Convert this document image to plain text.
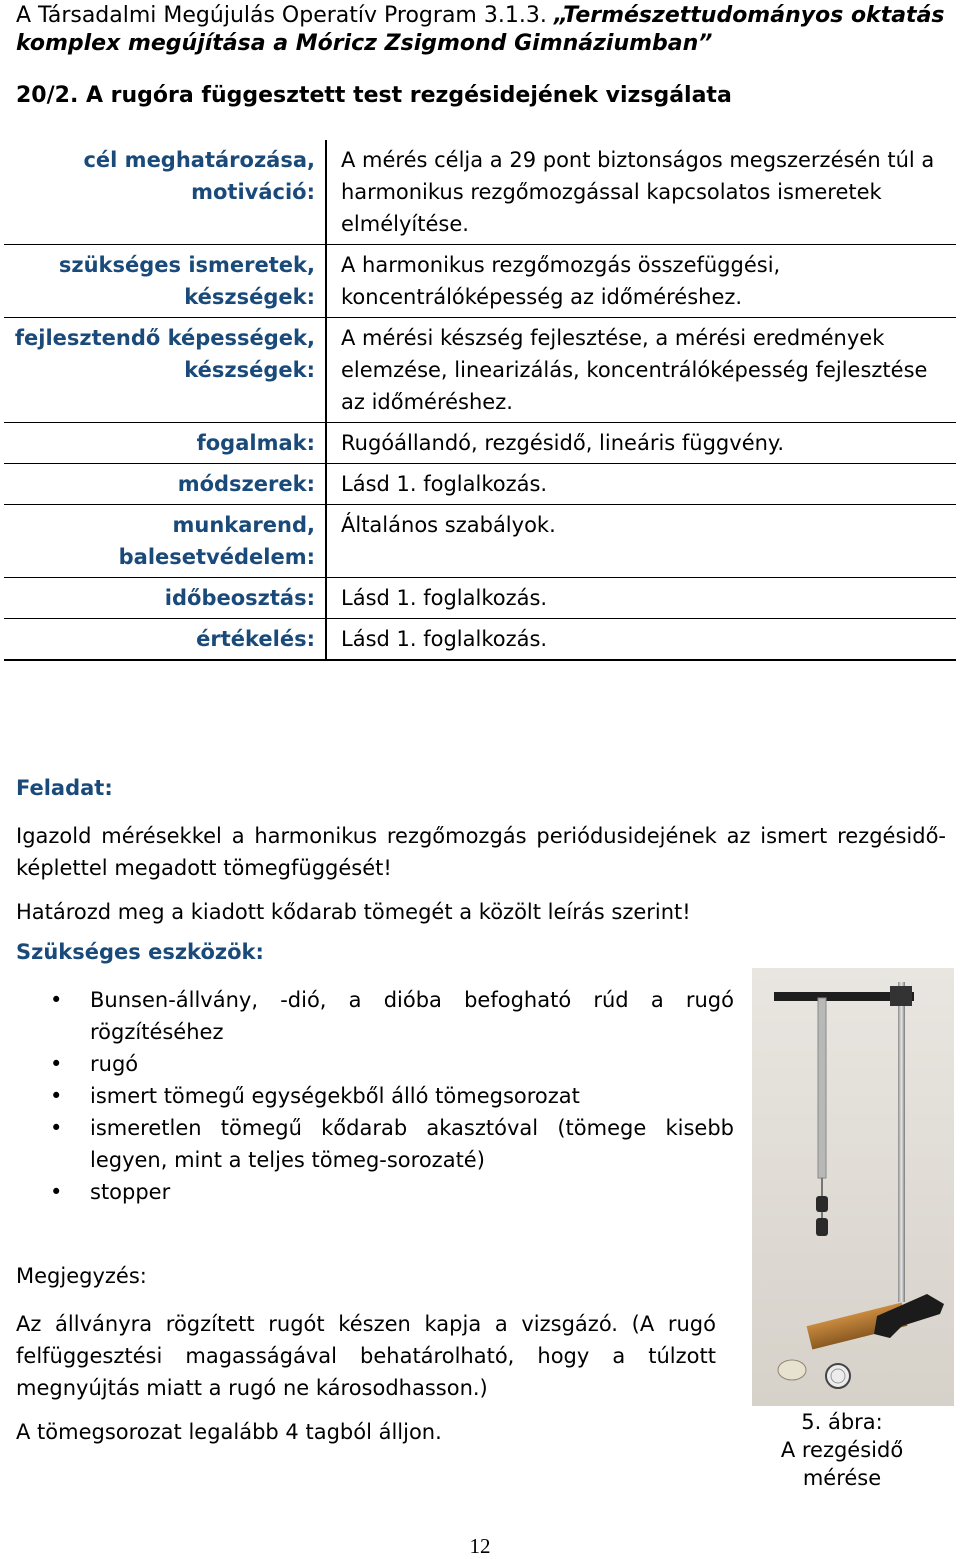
A Társadalmi Megújulás Operatív Program 3.1.3. „Természettudományos oktatás komplex megújítása a Móricz Zsigmond Gimnáziumban”
20/2. A rugóra függesztett test rezgésidejének vizsgálata
cél meghatározása, motiváció:	A mérés célja a 29 pont biztonságos megszerzésén túl a harmonikus rezgőmozgással kapcsolatos ismeretek elmélyítése.
szükséges ismeretek, készségek:	A harmonikus rezgőmozgás összefüggési, koncentrálóképesség az időméréshez.
fejlesztendő képességek, készségek:	A mérési készség fejlesztése, a mérési eredmények elemzése, linearizálás, koncentrálóképesség fejlesztése az időméréshez.
fogalmak:	Rugóállandó, rezgésidő, lineáris függvény.
módszerek:	Lásd 1. foglalkozás.
munkarend, balesetvédelem:	Általános szabályok.
időbeosztás:	Lásd 1. foglalkozás.
értékelés:	Lásd 1. foglalkozás.
Feladat:
Igazold mérésekkel a harmonikus rezgőmozgás periódusidejének az ismert rezgésidő-képlettel megadott tömegfüggését!
Határozd meg a kiadott kődarab tömegét a közölt leírás szerint!
Szükséges eszközök:
• Bunsen-állvány, -dió, a dióba befogható rúd a rugó rögzítéséhez
• rugó
• ismert tömegű egységekből álló tömegsorozat
• ismeretlen tömegű kődarab akasztóval (tömege kisebb legyen, mint a teljes tömeg-sorozaté)
• stopper
5. ábra:
A rezgésidő mérése
Megjegyzés:
Az állványra rögzített rugót készen kapja a vizsgázó. (A rugó felfüggesztési magasságával behatárolható, hogy a túlzott megnyújtás miatt a rugó ne károsodhasson.)
A tömegsorozat legalább 4 tagból álljon.
12
